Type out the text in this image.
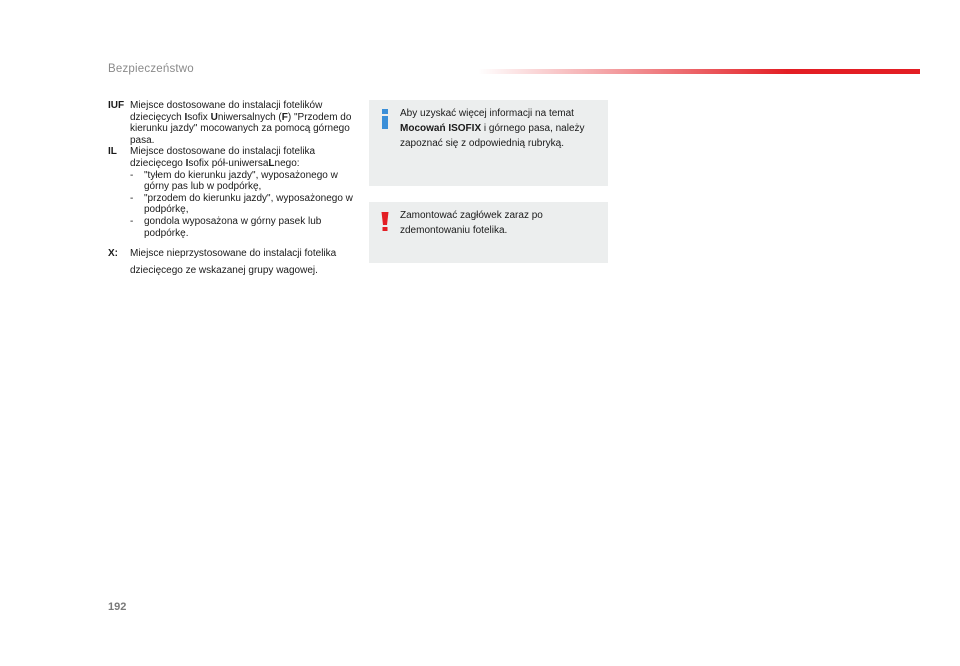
Bezpieczeństwo
IUF Miejsce dostosowane do instalacji fotelików dziecięcych Isofix Uniwersalnych (F) "Przodem do kierunku jazdy" mocowanych za pomocą górnego pasa.
IL	Miejsce dostosowane do instalacji fotelika dziecięcego Isofix pół-uniwersaLnego:
-	"tyłem do kierunku jazdy", wyposażonego w górny pas lub w podpórkę,
-	"przodem do kierunku jazdy", wyposażonego w podpórkę,
-	gondola wyposażona w górny pasek lub podpórkę.
X:	Miejsce nieprzystosowane do instalacji fotelika dziecięcego ze wskazanej grupy wagowej.
Aby uzyskać więcej informacji na temat Mocowań ISOFIX i górnego pasa, należy zapoznać się z odpowiednią rubryką.
Zamontować zagłówek zaraz po zdemontowaniu fotelika.
192
